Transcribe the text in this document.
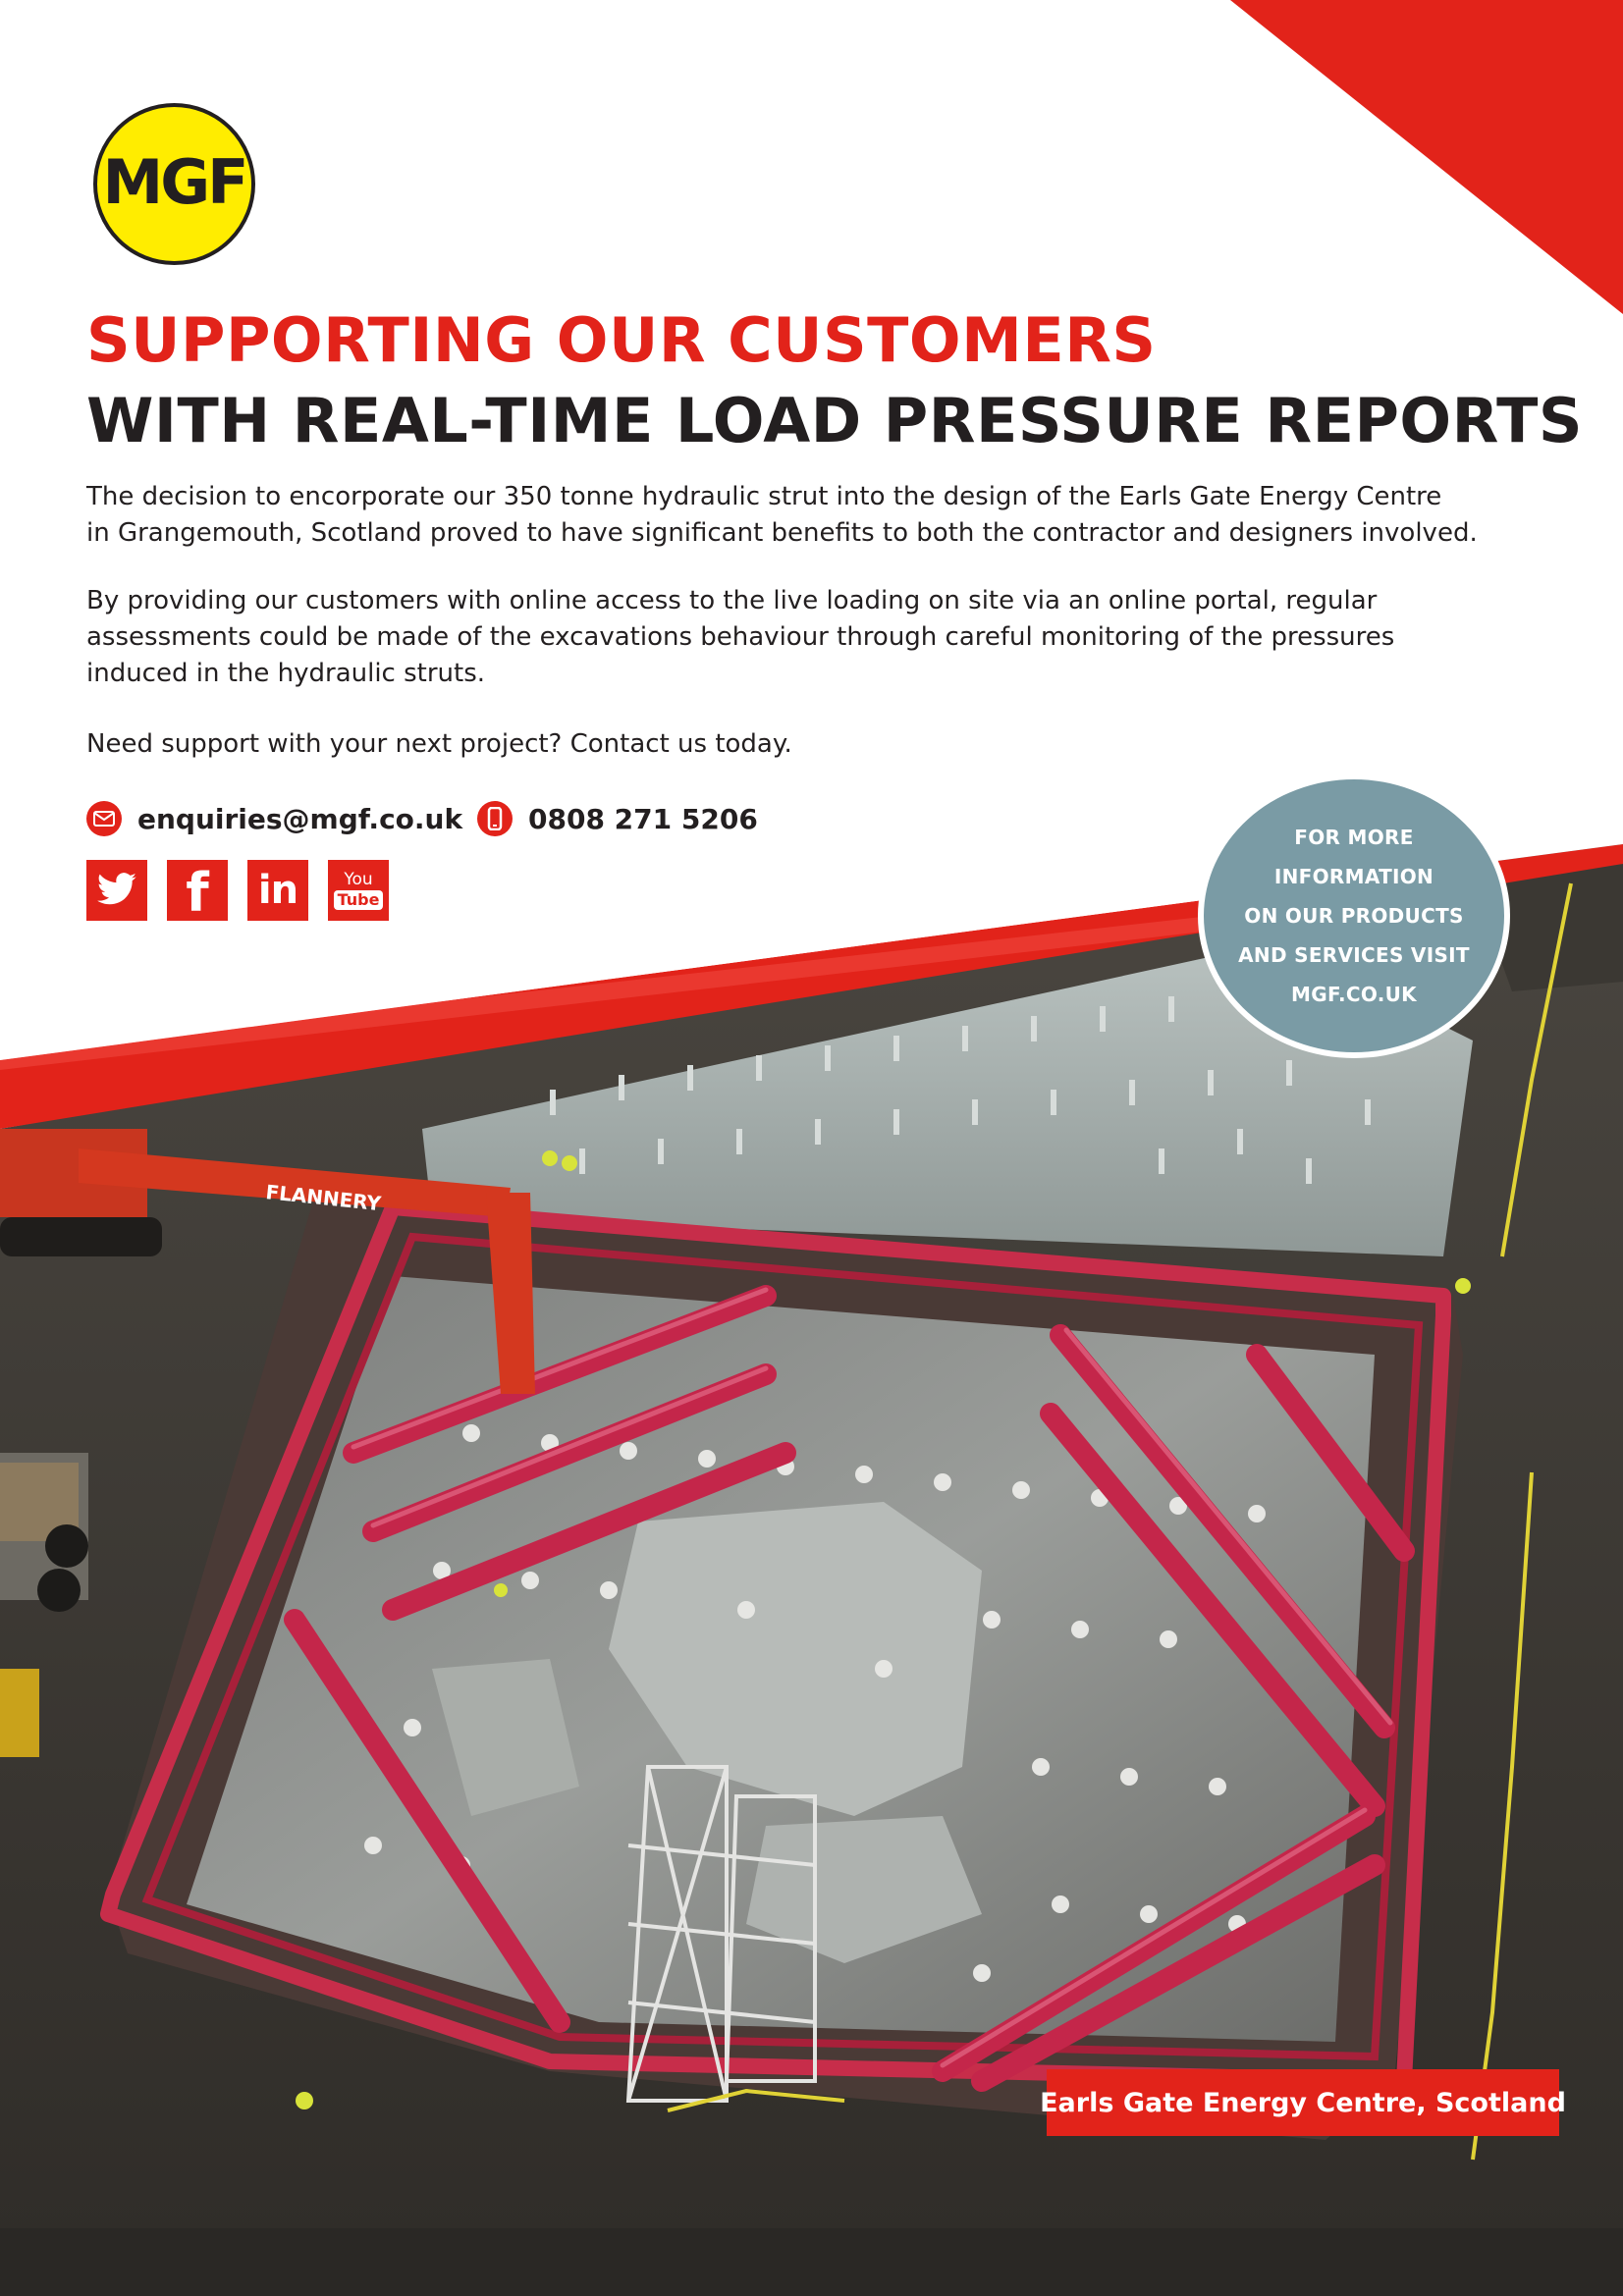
FLANNERY
MGF
SUPPORTING OUR CUSTOMERS
WITH REAL-TIME LOAD PRESSURE REPORTS

The decision to encorporate our 350 tonne hydraulic strut into the design of the Earls Gate Energy Centre
in Grangemouth, Scotland proved to have significant benefits to both the contractor and designers involved.

By providing our customers with online access to the live loading on site via an online portal, regular
assessments could be made of the excavations behaviour through careful monitoring of the pressures
induced in the hydraulic struts.

Need support with your next project? Contact us today.

enquiries@mgf.co.uk 0808 271 5206
f in	You
Tube

FOR MORE INFORMATION
ON OUR PRODUCTS
AND SERVICES VISIT
MGF.CO.UK

Earls Gate Energy Centre, Scotland
